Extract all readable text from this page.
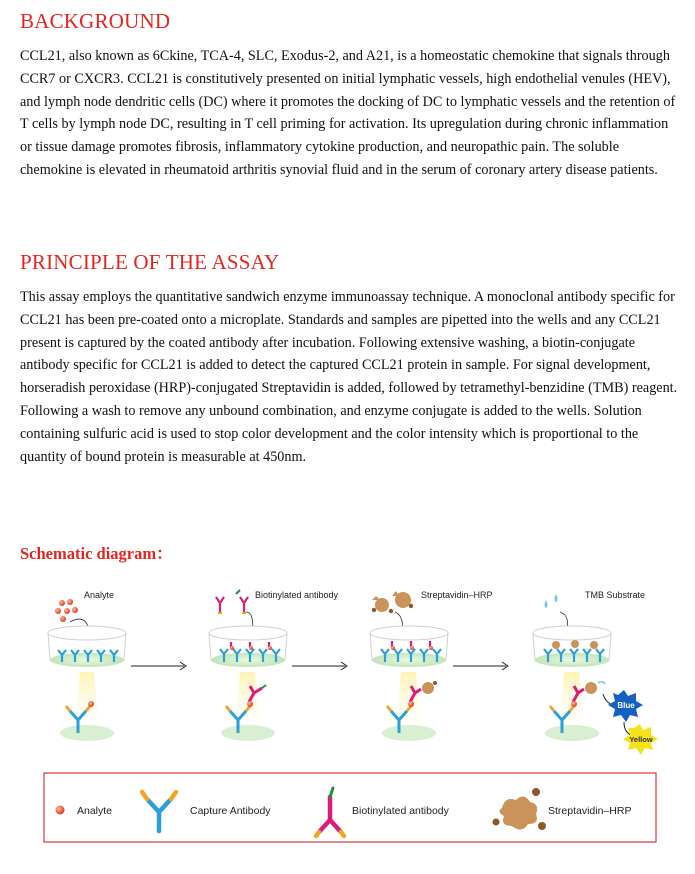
BACKGROUND

CCL21, also known as 6Ckine, TCA-4, SLC, Exodus-2, and A21, is a homeostatic chemokine that signals through CCR7 or CXCR3. CCL21 is constitutively presented on initial lymphatic vessels, high endothelial venules (HEV), and lymph node dendritic cells (DC) where it promotes the docking of DC to lymphatic vessels and the retention of T cells by lymph node DC, resulting in T cell priming for activation. Its upregulation during chronic inflammation or tissue damage promotes fibrosis, inflammatory cytokine production, and neuropathic pain. The soluble chemokine is elevated in rheumatoid arthritis synovial fluid and in the serum of coronary artery disease patients.

PRINCIPLE OF THE ASSAY

This assay employs the quantitative sandwich enzyme immunoassay technique. A monoclonal antibody specific for CCL21 has been pre-coated onto a microplate. Standards and samples are pipetted into the wells and any CCL21 present is captured by the coated antibody after incubation. Following extensive washing, a biotin-conjugate antibody specific for CCL21 is added to detect the captured CCL21 protein in sample. For signal development, horseradish peroxidase (HRP)-conjugated Streptavidin is added, followed by tetramethyl-benzidine (TMB) reagent. Following a wash to remove any unbound combination, and enzyme conjugate is added to the wells. Solution containing sulfuric acid is used to stop color development and the color intensity which is proportional to the quantity of bound protein is measurable at 450nm.

Schematic diagram：
Analyte	Biotinylated antibody	Streptavidin–HRP	TMB Substrate
Blue
Yellow
Analyte	Capture Antibody	Biotinylated antibody	Streptavidin–HRP
